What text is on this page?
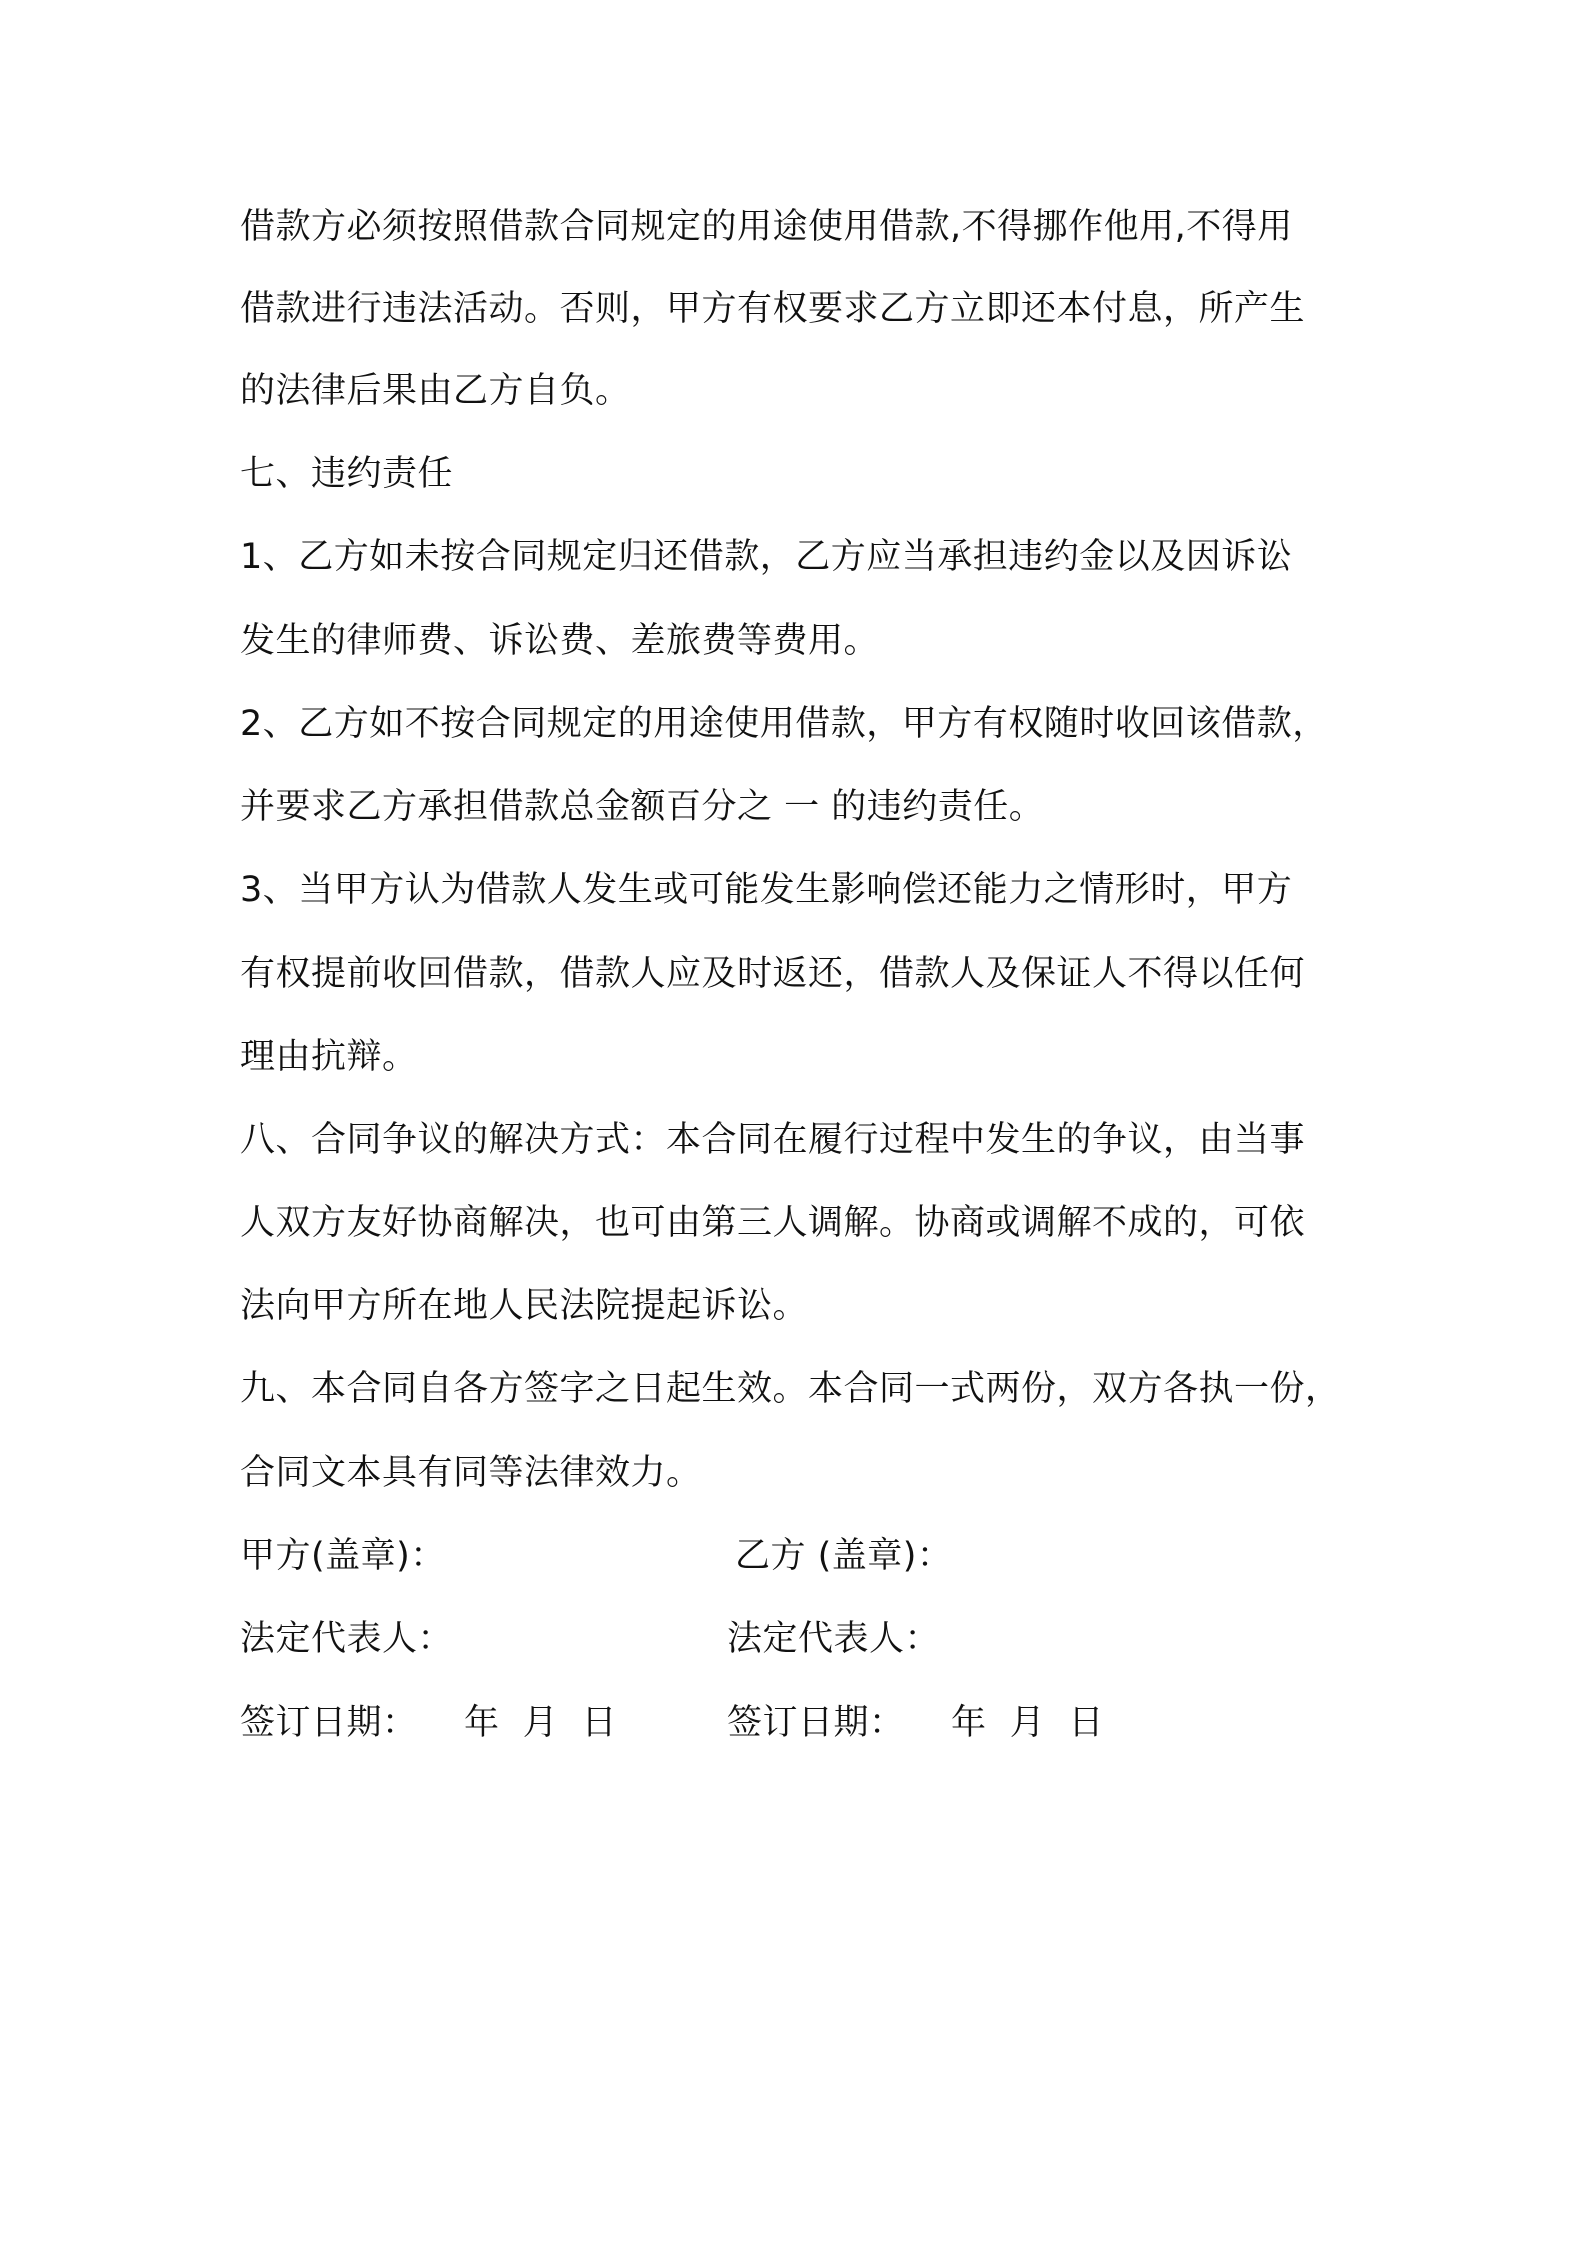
借款方必须按照借款合同规定的用途使用借款,不得挪作他用,不得用
借款进行违法活动。否则，甲方有权要求乙方立即还本付息，所产生
的法律后果由乙方自负。
七、违约责任
1、乙方如未按合同规定归还借款，乙方应当承担违约金以及因诉讼
发生的律师费、诉讼费、差旅费等费用。
2、乙方如不按合同规定的用途使用借款，甲方有权随时收回该借款，
并要求乙方承担借款总金额百分之 一 的违约责任。
3、当甲方认为借款人发生或可能发生影响偿还能力之情形时，甲方
有权提前收回借款，借款人应及时返还，借款人及保证人不得以任何
理由抗辩。
八、合同争议的解决方式：本合同在履行过程中发生的争议，由当事
人双方友好协商解决，也可由第三人调解。协商或调解不成的，可依
法向甲方所在地人民法院提起诉讼。
九、本合同自各方签字之日起生效。本合同一式两份，双方各执一份，
合同文本具有同等法律效力。
甲方(盖章)：	乙方 (盖章)：
法定代表人：	法定代表人：
签订日期：    年  月  日	签订日期：    年  月  日
